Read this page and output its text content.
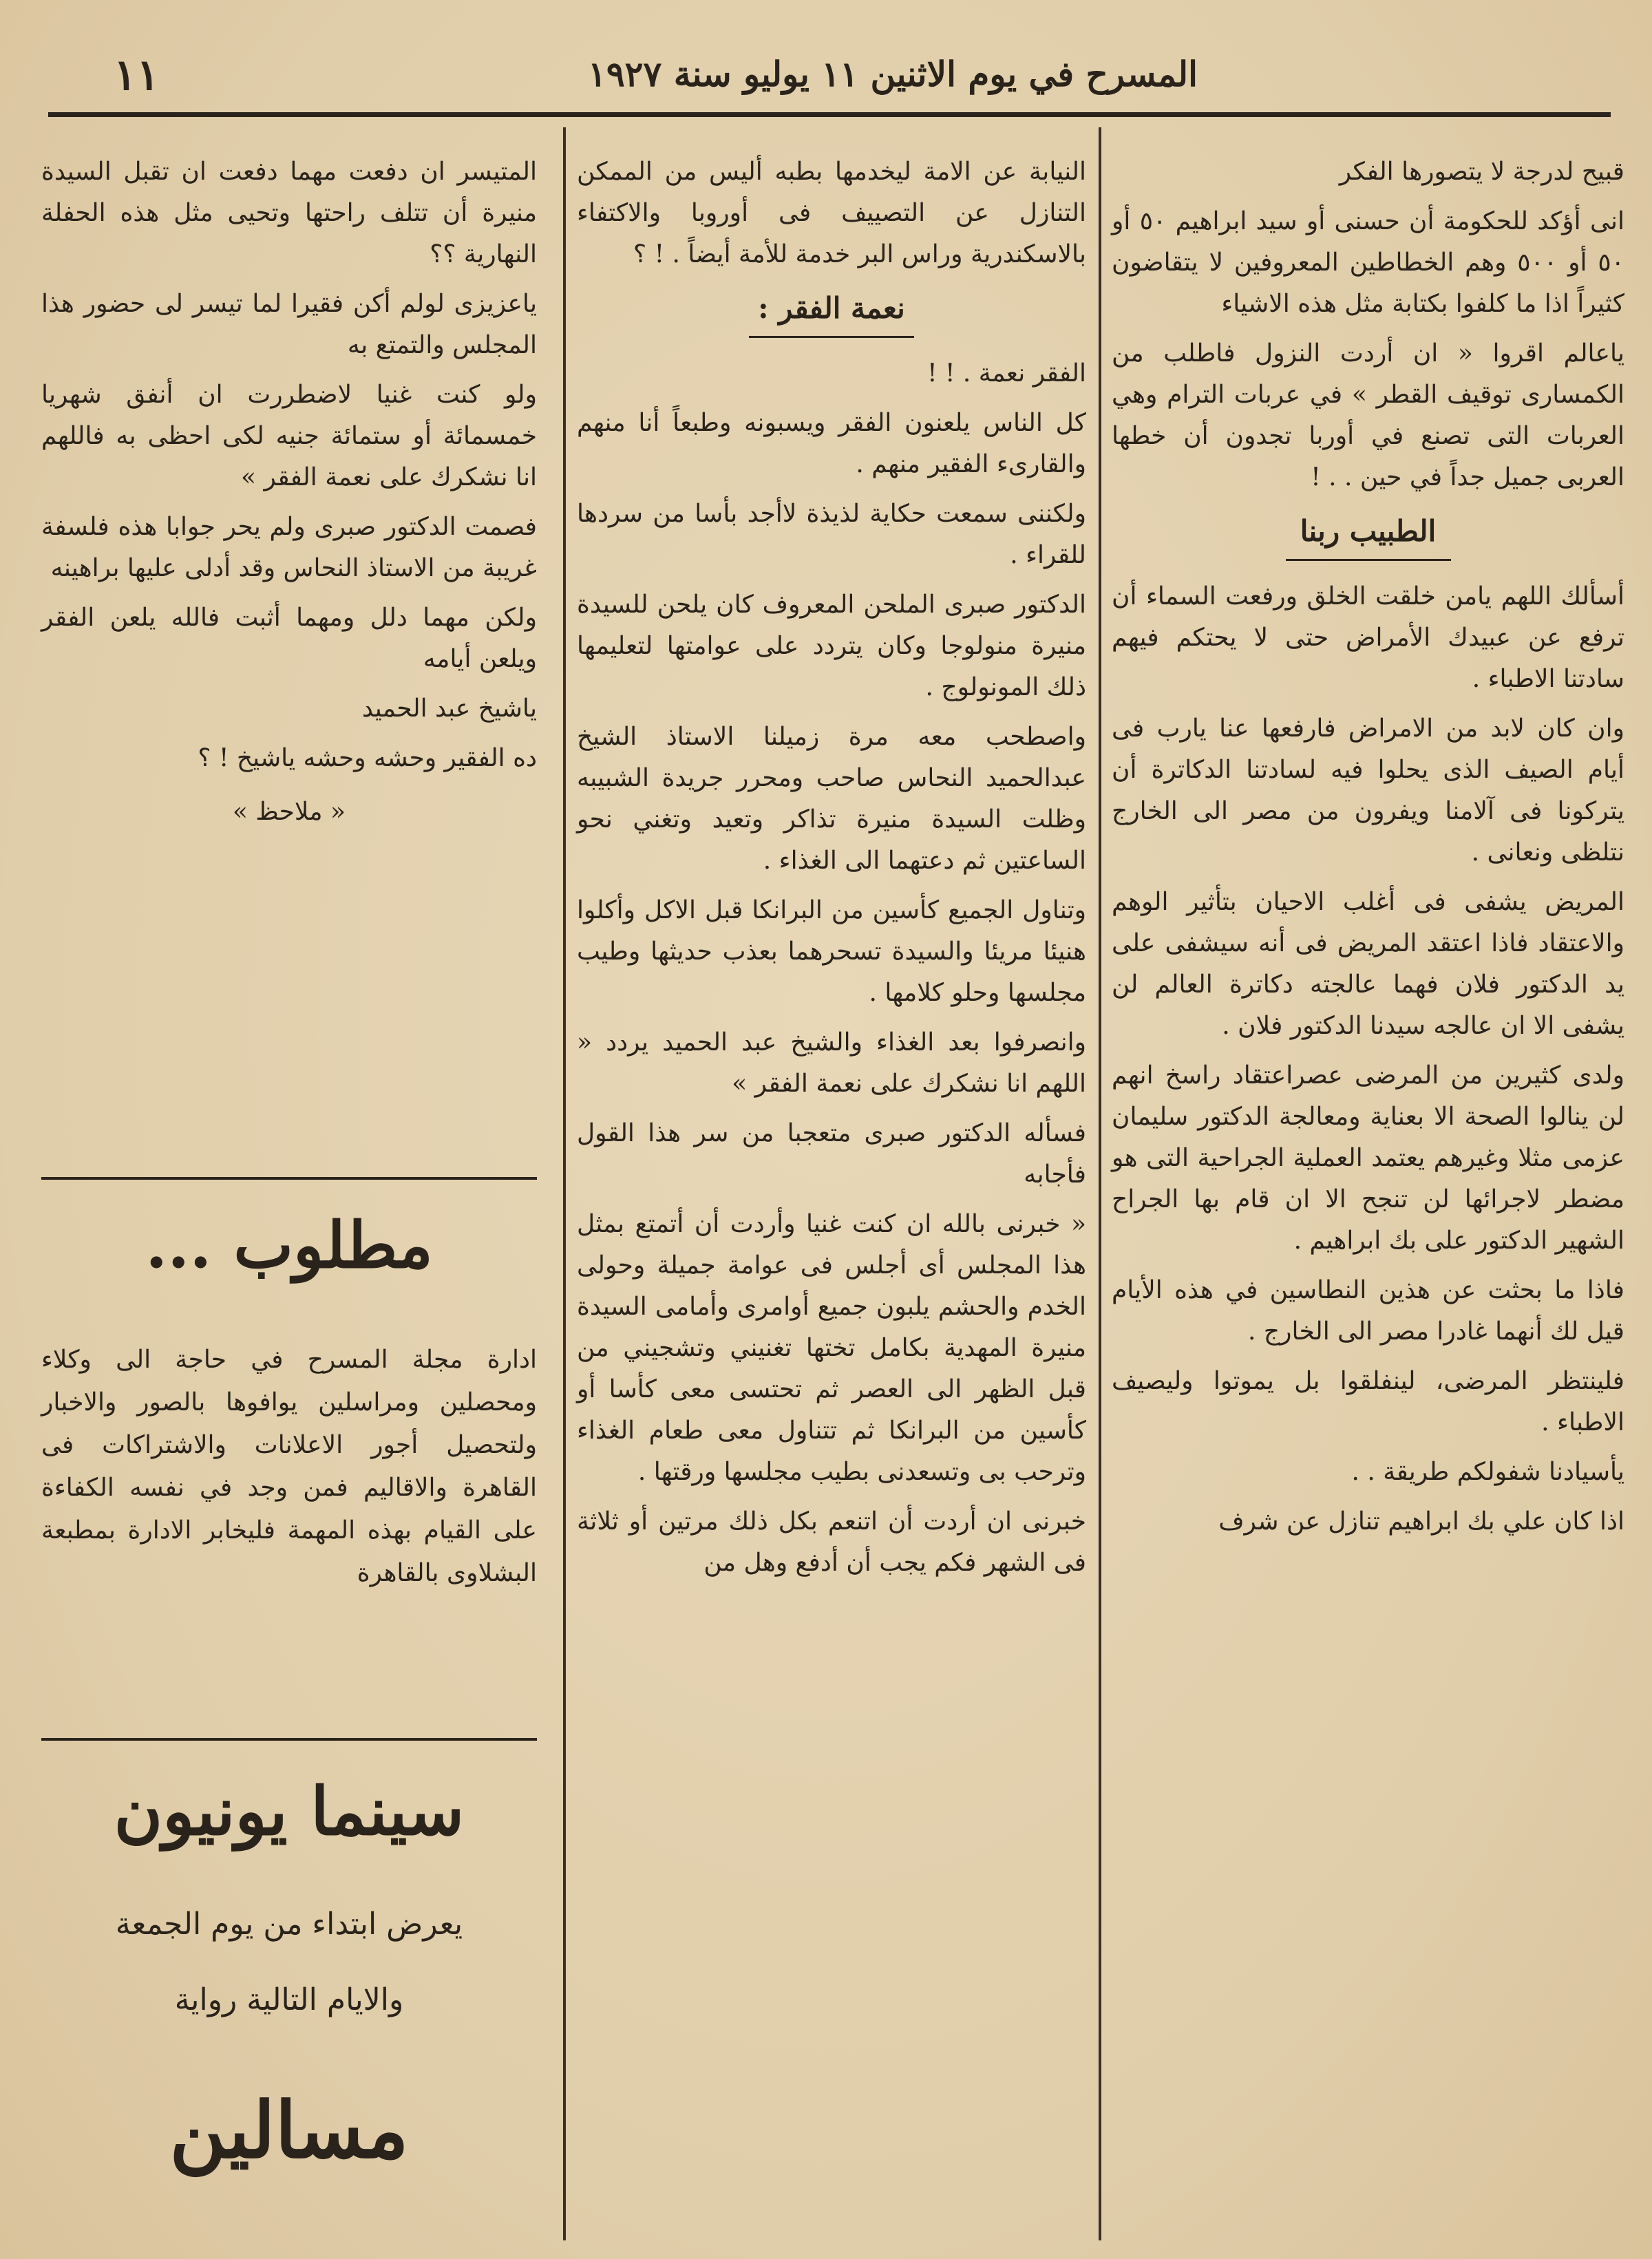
المسرح في يوم الاثنين ١١ يوليو سنة ١٩٢٧
١١

قبيح لدرجة لا يتصورها الفكر

انى أؤكد للحكومة أن حسنى أو سيد ابراهيم ٥٠ أو ٥٠ أو ٥٠٠ وهم الخطاطين المعروفين لا يتقاضون كثيراً اذا ما كلفوا بكتابة مثل هذه الاشياء

ياعالم اقروا « ان أردت النزول فاطلب من الكمسارى توقيف القطر » في عربات الترام وهي العربات التى تصنع في أوربا تجدون أن خطها العربى جميل جداً في حين . . !

الطبيب ربنا

أسألك اللهم يامن خلقت الخلق ورفعت السماء أن ترفع عن عبيدك الأمراض حتى لا يحتكم فيهم سادتنا الاطباء .

وان كان لابد من الامراض فارفعها عنا يارب فى أيام الصيف الذى يحلوا فيه لسادتنا الدكاترة أن يتركونا فى آلامنا ويفرون من مصر الى الخارج نتلظى ونعانى .

المريض يشفى فى أغلب الاحيان بتأثير الوهم والاعتقاد فاذا اعتقد المريض فى أنه سيشفى على يد الدكتور فلان فهما عالجته دكاترة العالم لن يشفى الا ان عالجه سيدنا الدكتور فلان .

ولدى كثيرين من المرضى عصراعتقاد راسخ انهم لن ينالوا الصحة الا بعناية ومعالجة الدكتور سليمان عزمى مثلا وغيرهم يعتمد العملية الجراحية التى هو مضطر لاجرائها لن تنجح الا ان قام بها الجراح الشهير الدكتور على بك ابراهيم .

فاذا ما بحثت عن هذين النطاسين في هذه الأيام قيل لك أنهما غادرا مصر الى الخارج .

فلينتظر المرضى، لينفلقوا بل يموتوا وليصيف الاطباء .

يأسيادنا شفولكم طريقة . .

اذا كان علي بك ابراهيم تنازل عن شرف

النيابة عن الامة ليخدمها بطبه أليس من الممكن التنازل عن التصييف فى أوروبا والاكتفاء بالاسكندرية وراس البر خدمة للأمة أيضاً . ! ؟

نعمة الفقر :

الفقر نعمة . ! !

كل الناس يلعنون الفقر ويسبونه وطبعاً أنا منهم والقارىء الفقير منهم .

ولكننى سمعت حكاية لذيذة لاأجد بأسا من سردها للقراء .

الدكتور صبرى الملحن المعروف كان يلحن للسيدة منيرة منولوجا وكان يتردد على عوامتها لتعليمها ذلك المونولوج .

واصطحب معه مرة زميلنا الاستاذ الشيخ عبدالحميد النحاس صاحب ومحرر جريدة الشبيبه وظلت السيدة منيرة تذاكر وتعيد وتغني نحو الساعتين ثم دعتهما الى الغذاء .

وتناول الجميع كأسين من البرانكا قبل الاكل وأكلوا هنيئا مريئا والسيدة تسحرهما بعذب حديثها وطيب مجلسها وحلو كلامها .

وانصرفوا بعد الغذاء والشيخ عبد الحميد يردد « اللهم انا نشكرك على نعمة الفقر »

فسأله الدكتور صبرى متعجبا من سر هذا القول فأجابه

« خبرنى بالله ان كنت غنيا وأردت أن أتمتع بمثل هذا المجلس أى أجلس فى عوامة جميلة وحولى الخدم والحشم يلبون جميع أوامرى وأمامى السيدة منيرة المهدية بكامل تختها تغنيني وتشجيني من قبل الظهر الى العصر ثم تحتسى معى كأسا أو كأسين من البرانكا ثم تتناول معى طعام الغذاء وترحب بى وتسعدنى بطيب مجلسها ورقتها .

خبرنى ان أردت أن اتنعم بكل ذلك مرتين أو ثلاثة فى الشهر فكم يجب أن أدفع وهل من

المتيسر ان دفعت مهما دفعت ان تقبل السيدة منيرة أن تتلف راحتها وتحيى مثل هذه الحفلة النهارية ؟؟

ياعزيزى لولم أكن فقيرا لما تيسر لى حضور هذا المجلس والتمتع به

ولو كنت غنيا لاضطررت ان أنفق شهريا خمسمائة أو ستمائة جنيه لكى احظى به فاللهم انا نشكرك على نعمة الفقر »

فصمت الدكتور صبرى ولم يحر جوابا هذه فلسفة غريبة من الاستاذ النحاس وقد أدلى عليها براهينه

ولكن مهما دلل ومهما أثبت فالله يلعن الفقر ويلعن أيامه

ياشيخ عبد الحميد

ده الفقير وحشه وحشه ياشيخ ! ؟

« ملاحظ »
مطلوب ...
ادارة مجلة المسرح في حاجة الى وكلاء ومحصلين ومراسلين يوافوها بالصور والاخبار ولتحصيل أجور الاعلانات والاشتراكات فى القاهرة والاقاليم فمن وجد في نفسه الكفاءة على القيام بهذه المهمة فليخابر الادارة بمطبعة البشلاوى بالقاهرة
سينما يونيون
يعرض ابتداء من يوم الجمعة
والايام التالية رواية
مسالين
